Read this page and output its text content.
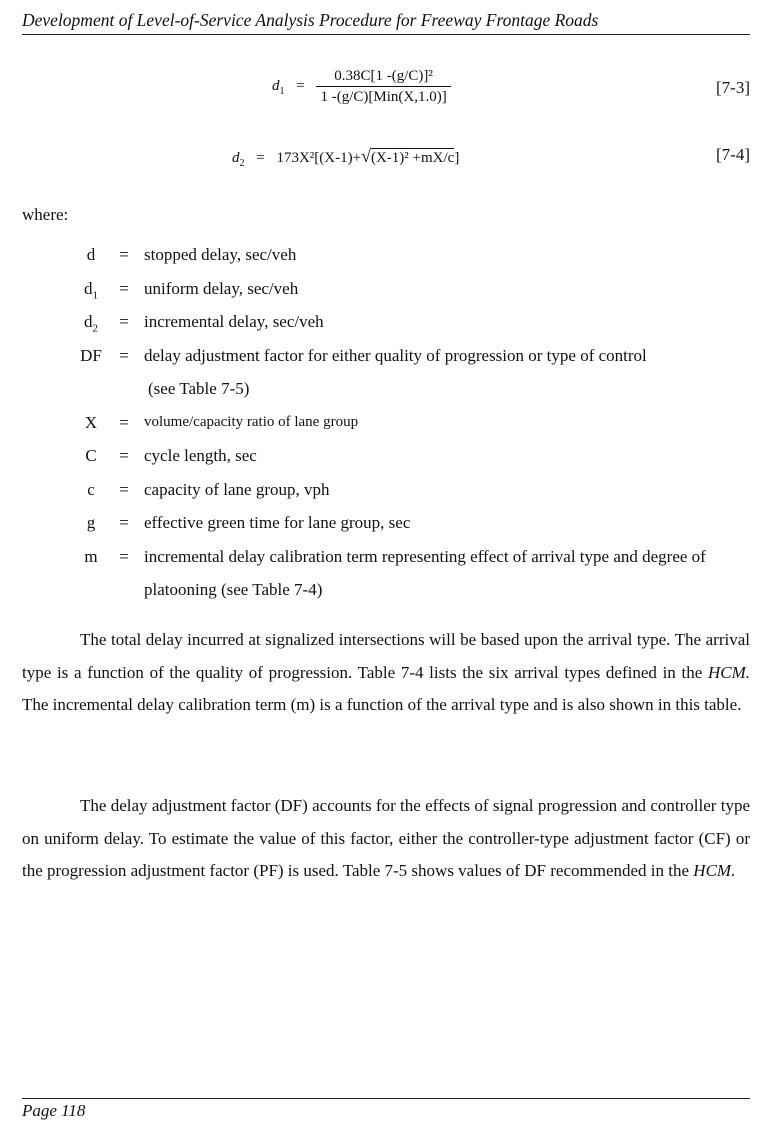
Development of Level-of-Service Analysis Procedure for Freeway Frontage Roads
$d_1 = \frac{\text{0.38C[1 -(g/C)]²}}{\text{1 -(g/C)[Min(X,1.0)]}}$	[7-3]
$d_2 = 173X^2[(X-1)+√(X-1)^2 +mX/c]$	[7-4]
where:
d	= stopped delay, sec/veh
$d_1$	= uniform delay, sec/veh
$d_2$	= incremental delay, sec/veh
DF	= delay adjustment factor for either quality of progression or type of control
(see Table 7-5)
X	=	volume/capacity ratio of lane group
C	= cycle length, sec
c	= capacity of lane group, vph
g	= effective green time for lane group, sec
m	= incremental delay calibration term representing effect of arrival type and degree of
platooning (see Table 7-4)

The total delay incurred at signalized intersections will be based upon the arrival type. The arrival type is a function of the quality of progression. Table 7-4 lists the six arrival types defined in the HCM. The incremental delay calibration term (m) is a function of the arrival type and is also shown in this table.

The delay adjustment factor (DF) accounts for the effects of signal progression and controller type on uniform delay. To estimate the value of this factor, either the controller-type adjustment factor (CF) or the progression adjustment factor (PF) is used. Table 7-5 shows values of DF recommended in the HCM.

Page 118
